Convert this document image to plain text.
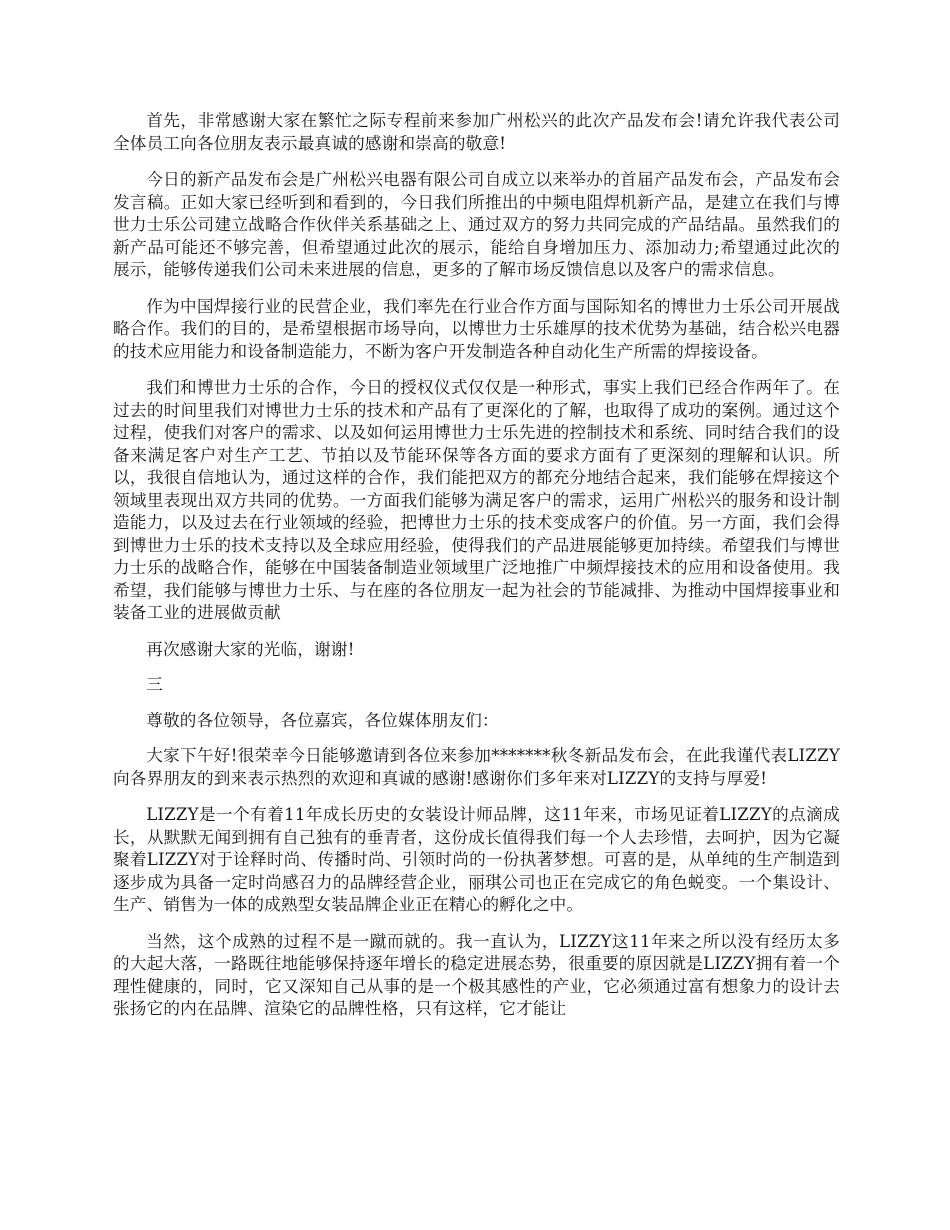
首先，非常感谢大家在繁忙之际专程前来参加广州松兴的此次产品发布会!请允许我代表公司全体员工向各位朋友表示最真诚的感谢和崇高的敬意!

今日的新产品发布会是广州松兴电器有限公司自成立以来举办的首届产品发布会，产品发布会发言稿。正如大家已经听到和看到的，今日我们所推出的中频电阻焊机新产品，是建立在我们与博世力士乐公司建立战略合作伙伴关系基础之上、通过双方的努力共同完成的产品结晶。虽然我们的新产品可能还不够完善，但希望通过此次的展示，能给自身增加压力、添加动力;希望通过此次的展示，能够传递我们公司未来进展的信息，更多的了解市场反馈信息以及客户的需求信息。

作为中国焊接行业的民营企业，我们率先在行业合作方面与国际知名的博世力士乐公司开展战略合作。我们的目的，是希望根据市场导向，以博世力士乐雄厚的技术优势为基础，结合松兴电器的技术应用能力和设备制造能力，不断为客户开发制造各种自动化生产所需的焊接设备。

我们和博世力士乐的合作，今日的授权仪式仅仅是一种形式，事实上我们已经合作两年了。在过去的时间里我们对博世力士乐的技术和产品有了更深化的了解，也取得了成功的案例。通过这个过程，使我们对客户的需求、以及如何运用博世力士乐先进的控制技术和系统、同时结合我们的设备来满足客户对生产工艺、节拍以及节能环保等各方面的要求方面有了更深刻的理解和认识。所以，我很自信地认为，通过这样的合作，我们能把双方的都充分地结合起来，我们能够在焊接这个领域里表现出双方共同的优势。一方面我们能够为满足客户的需求，运用广州松兴的服务和设计制造能力，以及过去在行业领域的经验，把博世力士乐的技术变成客户的价值。另一方面，我们会得到博世力士乐的技术支持以及全球应用经验，使得我们的产品进展能够更加持续。希望我们与博世力士乐的战略合作，能够在中国装备制造业领域里广泛地推广中频焊接技术的应用和设备使用。我希望，我们能够与博世力士乐、与在座的各位朋友一起为社会的节能减排、为推动中国焊接事业和装备工业的进展做贡献

再次感谢大家的光临，谢谢!

三

尊敬的各位领导，各位嘉宾，各位媒体朋友们：

大家下午好!很荣幸今日能够邀请到各位来参加*******秋冬新品发布会，在此我谨代表LIZZY向各界朋友的到来表示热烈的欢迎和真诚的感谢!感谢你们多年来对LIZZY的支持与厚爱!

LIZZY是一个有着11年成长历史的女装设计师品牌，这11年来，市场见证着LIZZY的点滴成长，从默默无闻到拥有自己独有的垂青者，这份成长值得我们每一个人去珍惜，去呵护，因为它凝聚着LIZZY对于诠释时尚、传播时尚、引领时尚的一份执著梦想。可喜的是，从单纯的生产制造到逐步成为具备一定时尚感召力的品牌经营企业，丽琪公司也正在完成它的角色蜕变。一个集设计、生产、销售为一体的成熟型女装品牌企业正在精心的孵化之中。

当然，这个成熟的过程不是一蹴而就的。我一直认为，LIZZY这11年来之所以没有经历太多的大起大落，一路既往地能够保持逐年增长的稳定进展态势，很重要的原因就是LIZZY拥有着一个理性健康的，同时，它又深知自己从事的是一个极其感性的产业，它必须通过富有想象力的设计去张扬它的内在品牌、渲染它的品牌性格，只有这样，它才能让
